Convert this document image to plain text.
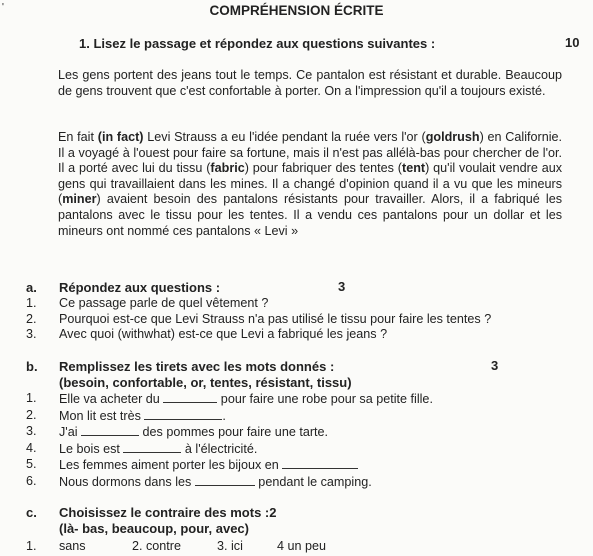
'	COMPRÉHENSION ÉCRITE
1. Lisez le passage et répondez aux questions suivantes :	10
Les gens portent des jeans tout le temps. Ce pantalon est résistant et durable. Beaucoup de gens trouvent que c'est confortable à porter. On a l'impression qu'il a toujours existé.
En fait (in fact) Levi Strauss a eu l'idée pendant la ruée vers l'or (goldrush) en Californie. Il a voyagé à l'ouest pour faire sa fortune, mais il n'est pas allélà-bas pour chercher de l'or. Il a porté avec lui du tissu (fabric) pour fabriquer des tentes (tent) qu'il voulait vendre aux gens qui travaillaient dans les mines. Il a changé d'opinion quand il a vu que les mineurs (miner) avaient besoin des pantalons résistants pour travailler. Alors, il a fabriqué les pantalons avec le tissu pour les tentes. Il a vendu ces pantalons pour un dollar et les mineurs ont nommé ces pantalons « Levi »
a. Répondez aux questions :	3
1. Ce passage parle de quel vêtement ?
2. Pourquoi est-ce que Levi Strauss n'a pas utilisé le tissu pour faire les tentes ?
3. Avec quoi (withwhat) est-ce que Levi a fabriqué les jeans ?
b. Remplissez les tirets avec les mots donnés :	3
(besoin, confortable, or, tentes, résistant, tissu)
1. Elle va acheter du	pour faire une robe pour sa petite fille.
2. Mon lit est très	.
3. J'ai	des pommes pour faire une tarte.
4. Le bois est	à l'électricité.
5. Les femmes aiment porter les bijoux en
6. Nous dormons dans les	pendant le camping.
c. Choisissez le contraire des mots :2
(là- bas, beaucoup, pour, avec)
1. sans	2. contre	3. ici	4 un peu
